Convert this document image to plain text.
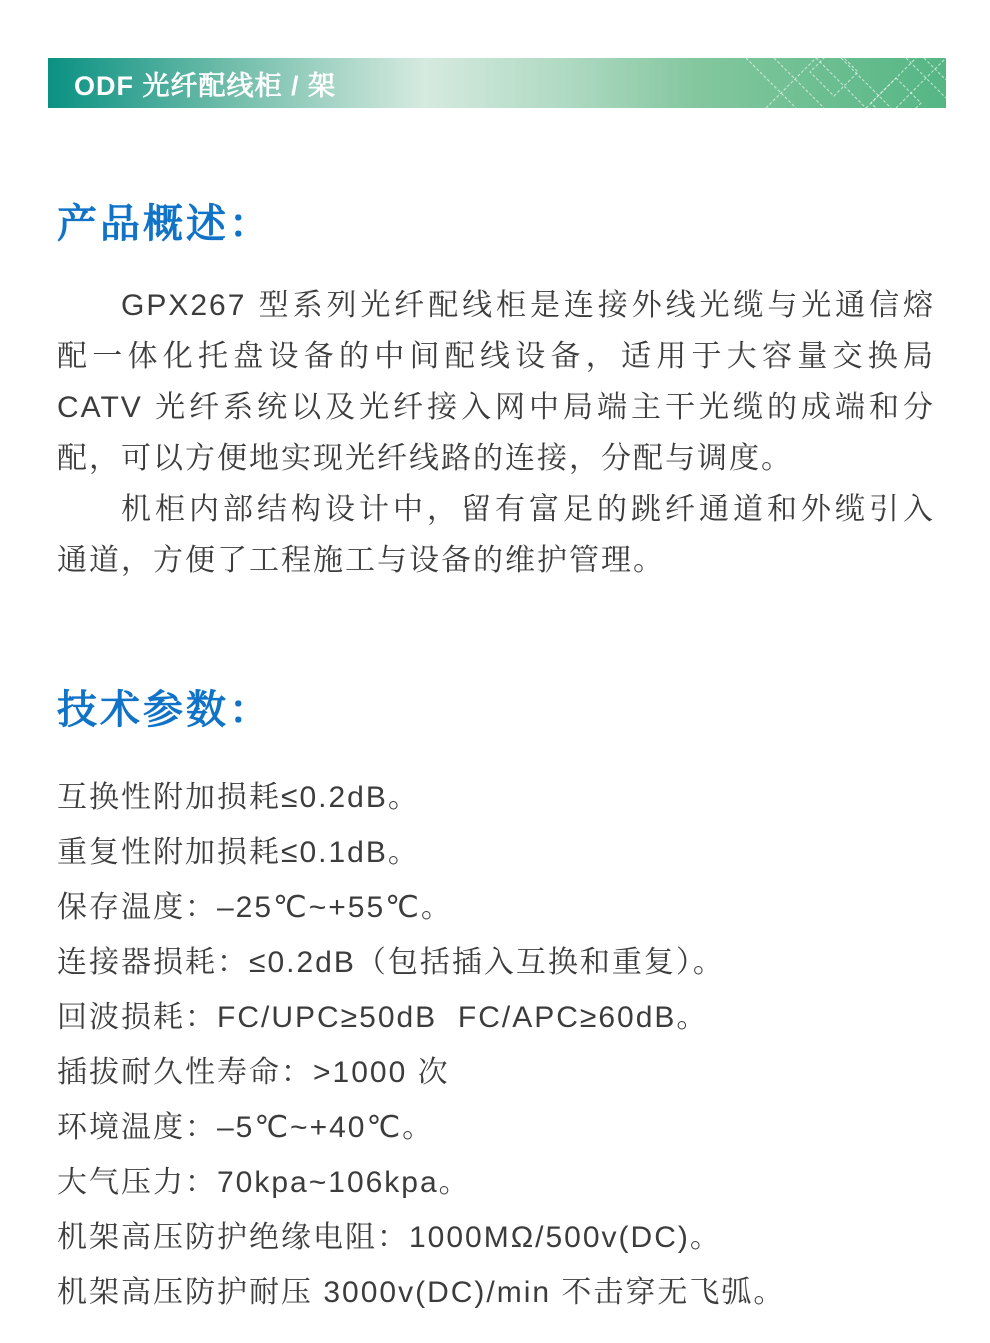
ODF 光纤配线柜 / 架
产品概述：
GPX267 型系列光纤配线柜是连接外线光缆与光通信熔
配一体化托盘设备的中间配线设备，适用于大容量交换局
CATV 光纤系统以及光纤接入网中局端主干光缆的成端和分
配，可以方便地实现光纤线路的连接，分配与调度。
机柜内部结构设计中，留有富足的跳纤通道和外缆引入
通道，方便了工程施工与设备的维护管理。
技术参数：
互换性附加损耗≤0.2dB。
重复性附加损耗≤0.1dB。
保存温度：–25℃~+55℃。
连接器损耗：≤0.2dB（包括插入互换和重复）。
回波损耗：FC/UPC≥50dB  FC/APC≥60dB。
插拔耐久性寿命：>1000 次
环境温度：–5℃~+40℃。
大气压力：70kpa~106kpa。
机架高压防护绝缘电阻：1000MΩ/500v(DC)。
机架高压防护耐压 3000v(DC)/min 不击穿无飞弧。
